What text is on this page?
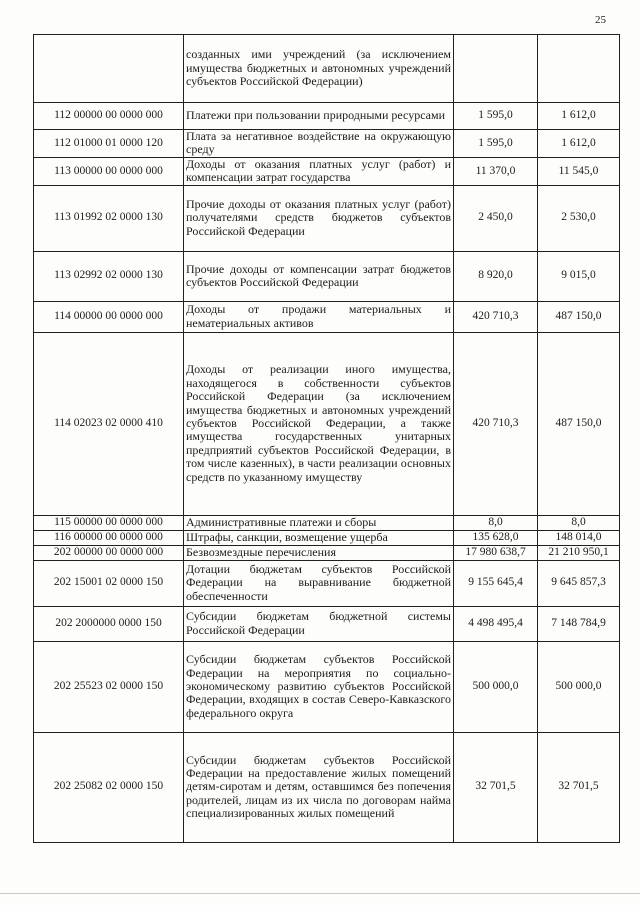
25
	созданных ими учреждений (за исключением имущества бюджетных и автономных учреждений субъектов Российской Федерации)		
112 00000 00 0000 000	Платежи при пользовании природными ресурсами	1 595,0	1 612,0
112 01000 01 0000 120	Плата за негативное воздействие на окружающую среду	1 595,0	1 612,0
113 00000 00 0000 000	Доходы от оказания платных услуг (работ) и компенсации затрат государства	11 370,0	11 545,0
113 01992 02 0000 130	Прочие доходы от оказания платных услуг (работ) получателями средств бюджетов субъектов Российской Федерации	2 450,0	2 530,0
113 02992 02 0000 130	Прочие доходы от компенсации затрат бюджетов субъектов Российской Федерации	8 920,0	9 015,0
114 00000 00 0000 000	Доходы от продажи материальных и нематериальных активов	420 710,3	487 150,0
114 02023 02 0000 410	Доходы от реализации иного имущества, находящегося в собственности субъектов Российской Федерации (за исключением имущества бюджетных и автономных учреждений субъектов Российской Федерации, а также имущества государственных унитарных предприятий субъектов Российской Федерации, в том числе казенных), в части реализации основных средств по указанному имуществу	420 710,3	487 150,0
115 00000 00 0000 000	Административные платежи и сборы	8,0	8,0
116 00000 00 0000 000	Штрафы, санкции, возмещение ущерба	135 628,0	148 014,0
202 00000 00 0000 000	Безвозмездные перечисления	17 980 638,7	21 210 950,1
202 15001 02 0000 150	Дотации бюджетам субъектов Российской Федерации на выравнивание бюджетной обеспеченности	9 155 645,4	9 645 857,3
202 2000000 0000 150	Субсидии бюджетам бюджетной системы Российской Федерации	4 498 495,4	7 148 784,9
202 25523 02 0000 150	Субсидии бюджетам субъектов Российской Федерации на мероприятия по социально-экономическому развитию субъектов Российской Федерации, входящих в состав Северо-Кавказского федерального округа	500 000,0	500 000,0
202 25082 02 0000 150	Субсидии бюджетам субъектов Российской Федерации на предоставление жилых помещений детям-сиротам и детям, оставшимся без попечения родителей, лицам из их числа по договорам найма специализированных жилых помещений	32 701,5	32 701,5
